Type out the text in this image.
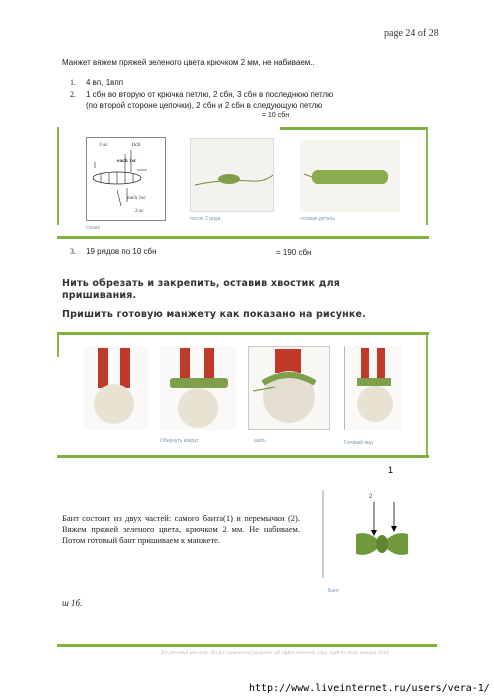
page 24 of 28
Манжет вяжем пряжей зеленого цвета крючком 2 мм, не набиваем..
1. 4 вп, 1впп
2. 1 сбн во вторую от крючка петлю, 2 сбн, 3 сбн в последнюю петлю
(по второй стороне цепочки), 2 сбн и 2 сбн в следующую петлю
= 10 сбн
3 sc	1tch
each 1sc
each 1sc
2 sc
схема
после 2 ряда	готовая деталь
3. 19 рядов по 10 сбн	= 190 сбн
Нить обрезать и закрепить, оставив хвостик для
пришивания.
Пришить готовую манжету как показано на рисунке.
Обернуть вокруг	шить	Готовый вид
Бант состоит из двух частей: самого банта(1) и перемычки (2). Вяжем пряжей зеленого цвета, крючком 2 мм. Не набиваем. Потом готовый бант пришиваем к манжете.
1
2
Бант
ш 1б.
for personal use only. No for commercial purpose! all rights reserved. copy right by mala designs 2016
http://www.liveinternet.ru/users/vera-1/
